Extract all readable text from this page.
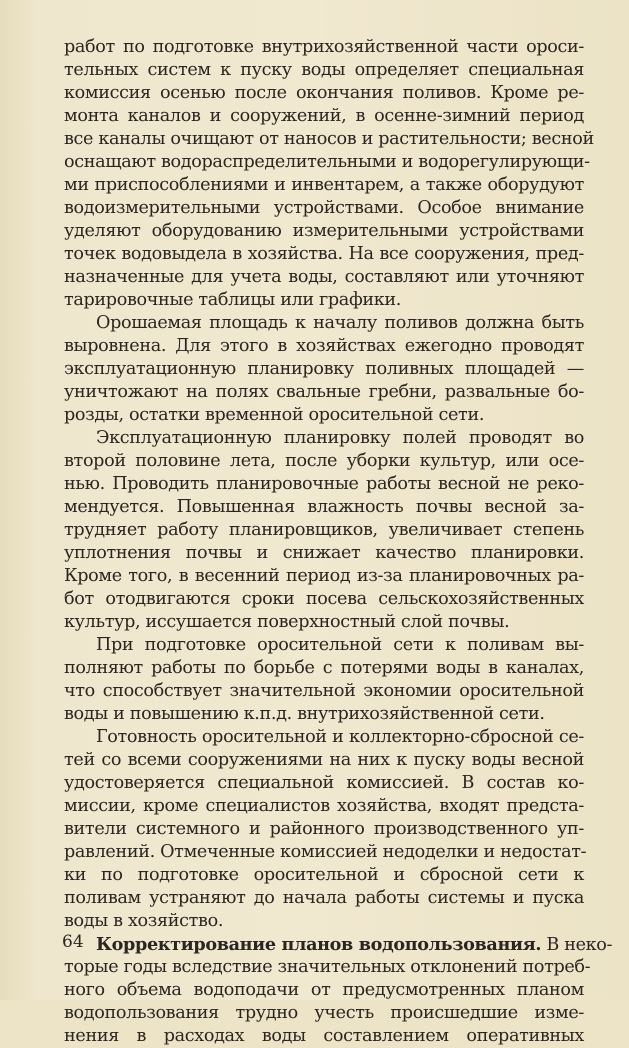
работ по подготовке внутрихозяйственной части ороси-
тельных систем к пуску воды определяет специальная
комиссия осенью после окончания поливов. Кроме ре-
монта каналов и сооружений, в осенне-зимний период
все каналы очищают от наносов и растительности; весной
оснащают водораспределительными и водорегулирующи-
ми приспособлениями и инвентарем, а также оборудуют
водоизмерительными устройствами. Особое внимание
уделяют оборудованию измерительными устройствами
точек водовыдела в хозяйства. На все сооружения, пред-
назначенные для учета воды, составляют или уточняют
тарировочные таблицы или графики.
Орошаемая площадь к началу поливов должна быть
выровнена. Для этого в хозяйствах ежегодно проводят
эксплуатационную планировку поливных площадей —
уничтожают на полях свальные гребни, развальные бо-
розды, остатки временной оросительной сети.
Эксплуатационную планировку полей проводят во
второй половине лета, после уборки культур, или осе-
нью. Проводить планировочные работы весной не реко-
мендуется. Повышенная влажность почвы весной за-
трудняет работу планировщиков, увеличивает степень
уплотнения почвы и снижает качество планировки.
Кроме того, в весенний период из-за планировочных ра-
бот отодвигаются сроки посева сельскохозяйственных
культур, иссушается поверхностный слой почвы.
При подготовке оросительной сети к поливам вы-
полняют работы по борьбе с потерями воды в каналах,
что способствует значительной экономии оросительной
воды и повышению к.п.д. внутрихозяйственной сети.
Готовность оросительной и коллекторно-сбросной се-
тей со всеми сооружениями на них к пуску воды весной
удостоверяется специальной комиссией. В состав ко-
миссии, кроме специалистов хозяйства, входят предста-
вители системного и районного производственного уп-
равлений. Отмеченные комиссией недоделки и недостат-
ки по подготовке оросительной и сбросной сети к
поливам устраняют до начала работы системы и пуска
воды в хозяйство.
Корректирование планов водопользования. В неко-
торые годы вследствие значительных отклонений потреб-
ного объема водоподачи от предусмотренных планом
водопользования трудно учесть происшедшие изме-
нения в расходах воды составлением оперативных
64
